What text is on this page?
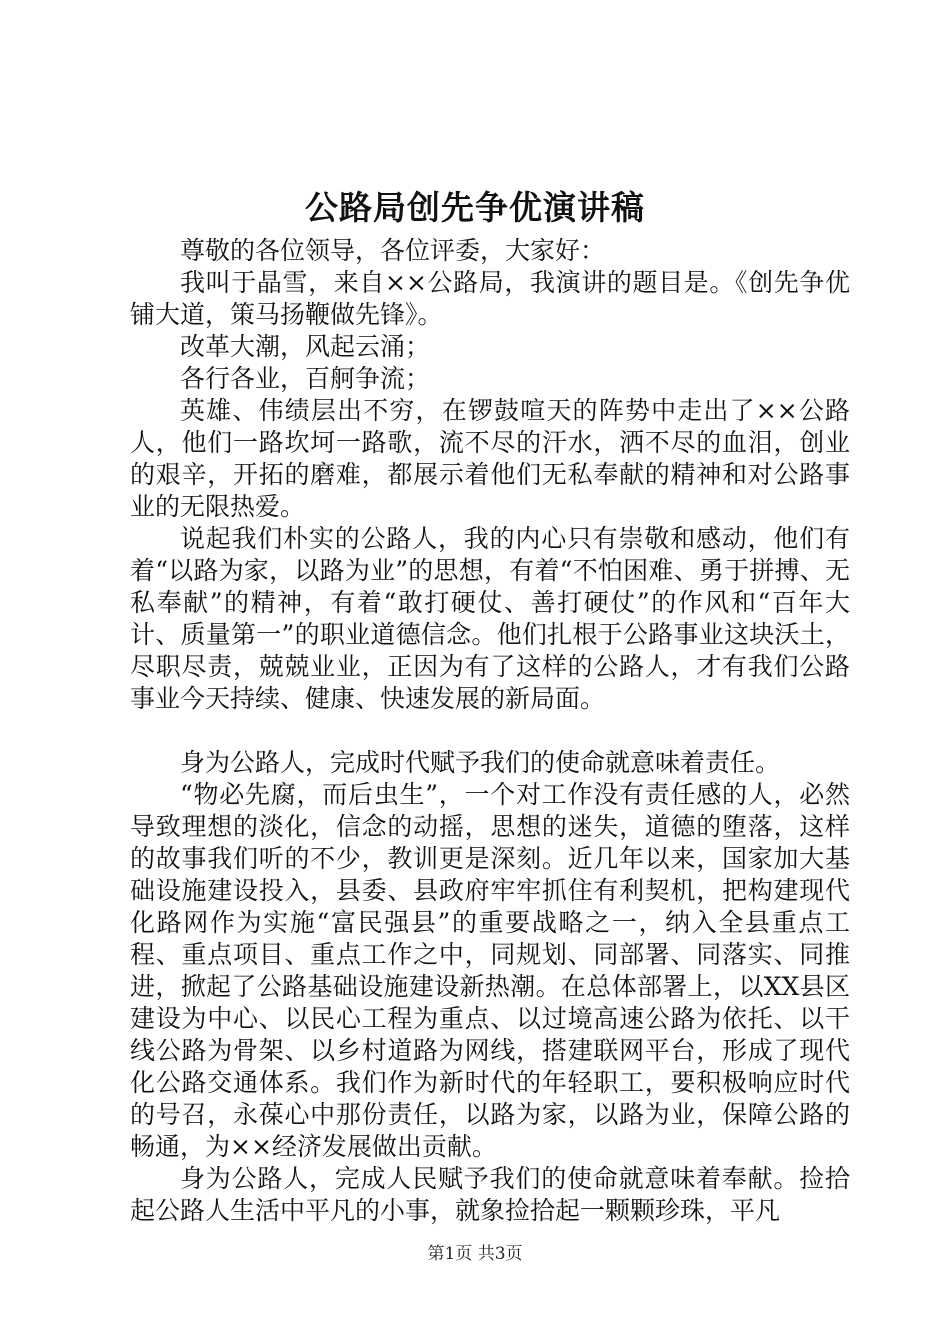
公路局创先争优演讲稿

尊敬的各位领导，各位评委，大家好：

我叫于晶雪，来自××公路局，我演讲的题目是。《创先争优铺大道，策马扬鞭做先锋》。

改革大潮，风起云涌；

各行各业，百舸争流；

英雄、伟绩层出不穷，在锣鼓喧天的阵势中走出了××公路人，他们一路坎坷一路歌，流不尽的汗水，洒不尽的血泪，创业的艰辛，开拓的磨难，都展示着他们无私奉献的精神和对公路事业的无限热爱。

说起我们朴实的公路人，我的内心只有崇敬和感动，他们有着“以路为家，以路为业”的思想，有着“不怕困难、勇于拼搏、无私奉献”的精神，有着“敢打硬仗、善打硬仗”的作风和“百年大计、质量第一”的职业道德信念。他们扎根于公路事业这块沃土，尽职尽责，兢兢业业，正因为有了这样的公路人，才有我们公路事业今天持续、健康、快速发展的新局面。

身为公路人，完成时代赋予我们的使命就意味着责任。

“物必先腐，而后虫生”，一个对工作没有责任感的人，必然导致理想的淡化，信念的动摇，思想的迷失，道德的堕落，这样的故事我们听的不少，教训更是深刻。近几年以来，国家加大基础设施建设投入，县委、县政府牢牢抓住有利契机，把构建现代化路网作为实施“富民强县”的重要战略之一，纳入全县重点工程、重点项目、重点工作之中，同规划、同部署、同落实、同推进，掀起了公路基础设施建设新热潮。在总体部署上，以XX县区建设为中心、以民心工程为重点、以过境高速公路为依托、以干线公路为骨架、以乡村道路为网线，搭建联网平台，形成了现代化公路交通体系。我们作为新时代的年轻职工，要积极响应时代的号召，永葆心中那份责任，以路为家，以路为业，保障公路的畅通，为××经济发展做出贡献。

身为公路人，完成人民赋予我们的使命就意味着奉献。捡拾起公路人生活中平凡的小事，就象捡拾起一颗颗珍珠，平凡

第1页 共3页
